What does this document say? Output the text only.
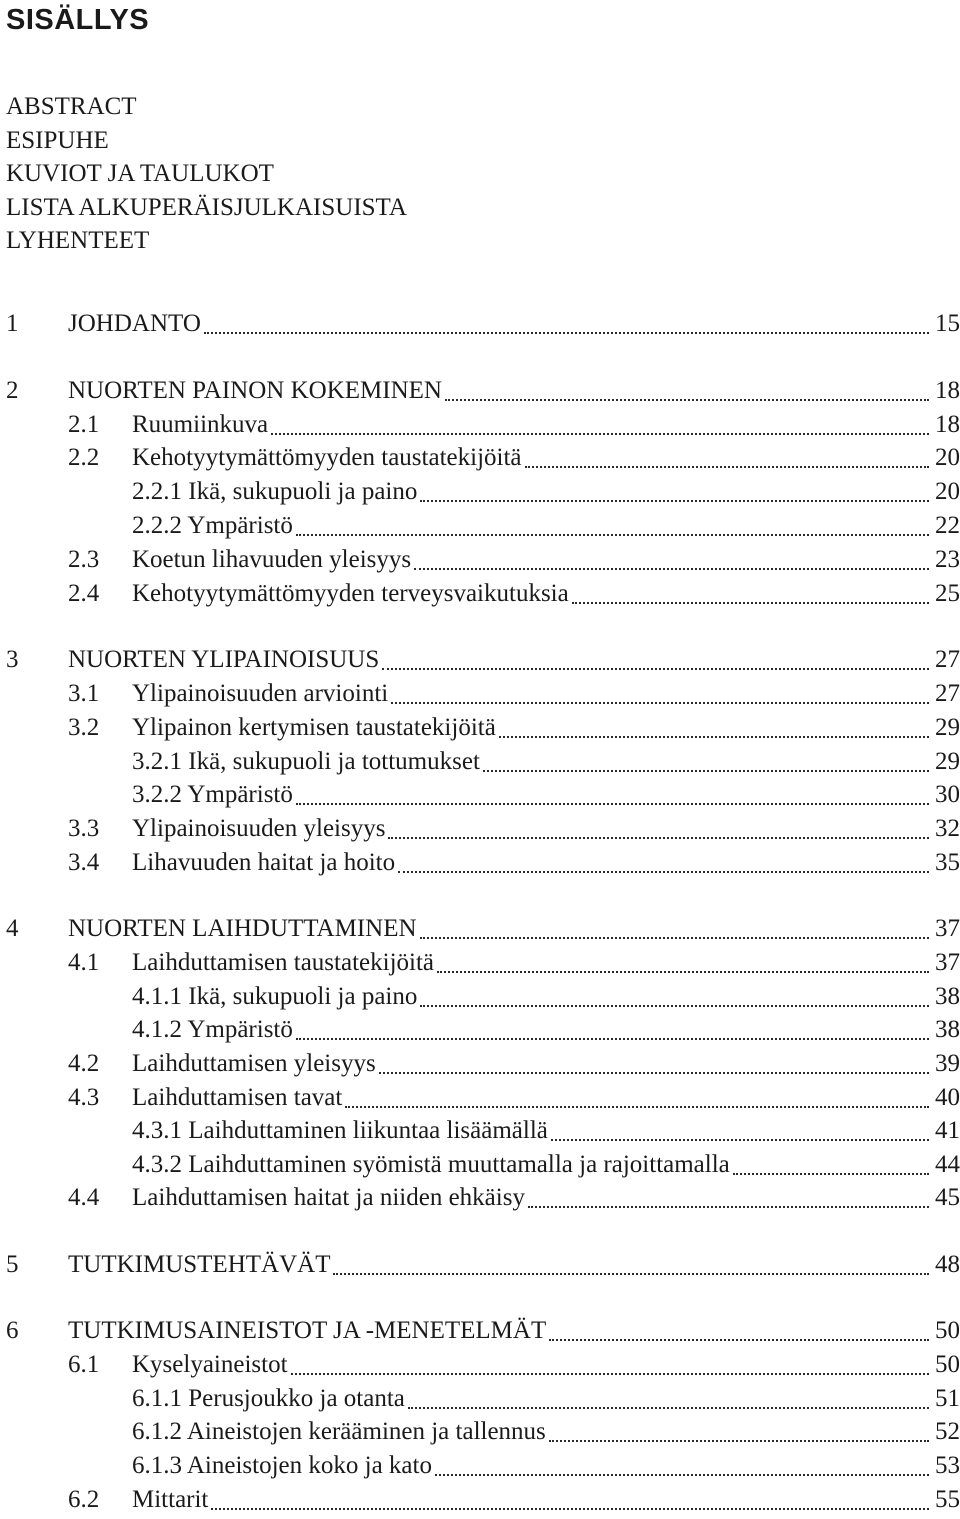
SISÄLLYS
ABSTRACT
ESIPUHE
KUVIOT JA TAULUKOT
LISTA ALKUPERÄISJULKAISUISTA
LYHENTEET
1 JOHDANTO	15
2 NUORTEN PAINON KOKEMINEN	18
2.1 Ruumiinkuva	18
2.2 Kehotyytymättömyyden taustatekijöitä	20
2.2.1 Ikä, sukupuoli ja paino	20
2.2.2 Ympäristö	22
2.3 Koetun lihavuuden yleisyys	23
2.4 Kehotyytymättömyyden terveysvaikutuksia	25
3 NUORTEN YLIPAINOISUUS	27
3.1 Ylipainoisuuden arviointi	27
3.2 Ylipainon kertymisen taustatekijöitä	29
3.2.1 Ikä, sukupuoli ja tottumukset	29
3.2.2 Ympäristö	30
3.3 Ylipainoisuuden yleisyys	32
3.4 Lihavuuden haitat ja hoito	35
4 NUORTEN LAIHDUTTAMINEN	37
4.1 Laihduttamisen taustatekijöitä	37
4.1.1 Ikä, sukupuoli ja paino	38
4.1.2 Ympäristö	38
4.2 Laihduttamisen yleisyys	39
4.3 Laihduttamisen tavat	40
4.3.1 Laihduttaminen liikuntaa lisäämällä	41
4.3.2 Laihduttaminen syömistä muuttamalla ja rajoittamalla	44
4.4 Laihduttamisen haitat ja niiden ehkäisy	45
5 TUTKIMUSTEHTÄVÄT	48
6 TUTKIMUSAINEISTOT JA -MENETELMÄT	50
6.1 Kyselyaineistot	50
6.1.1 Perusjoukko ja otanta	51
6.1.2 Aineistojen kerääminen ja tallennus	52
6.1.3 Aineistojen koko ja kato	53
6.2 Mittarit	55
